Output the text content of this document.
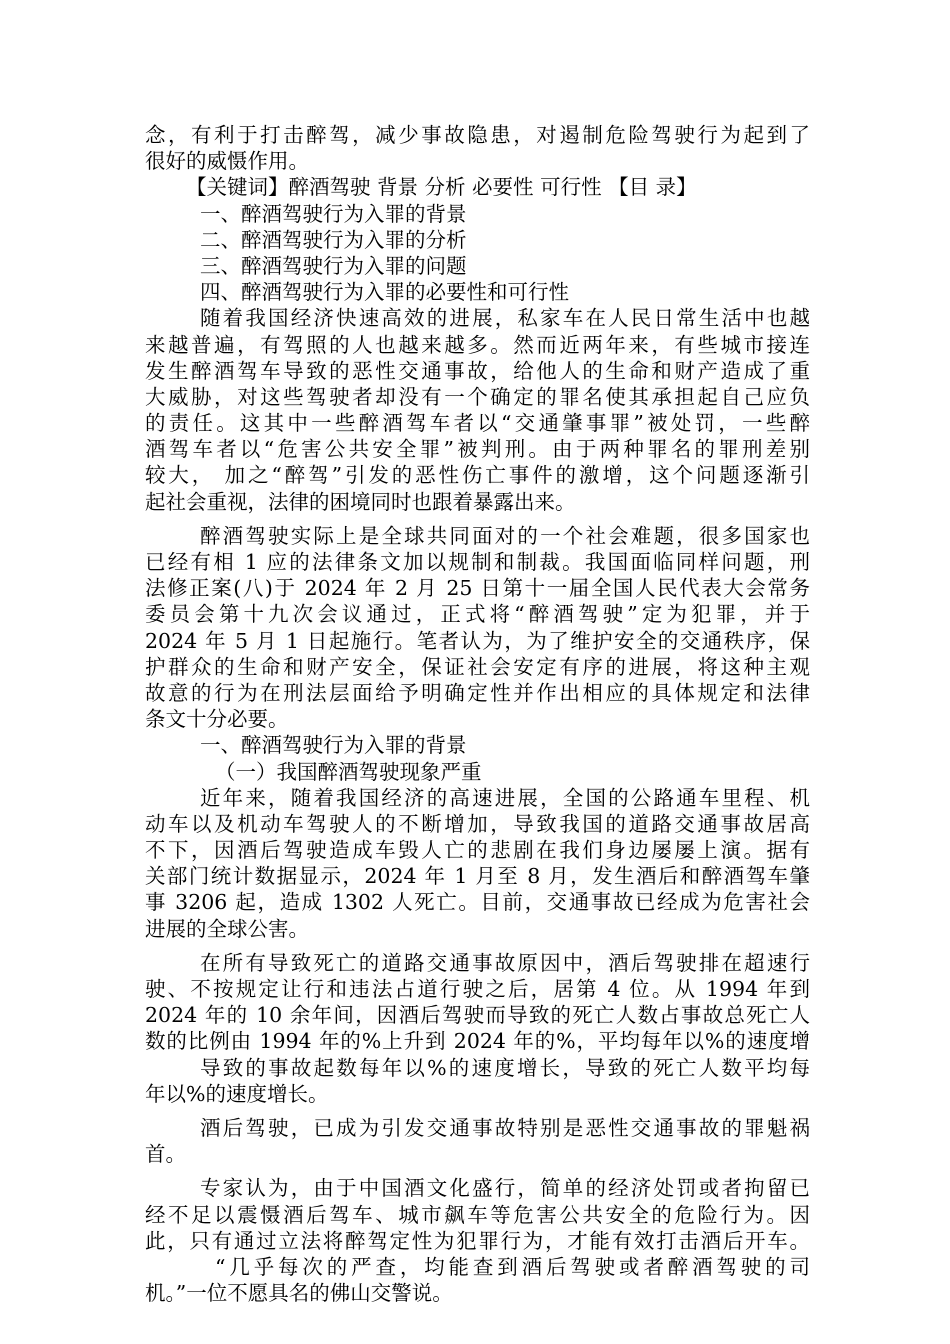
念，有利于打击醉驾，减少事故隐患，对遏制危险驾驶行为起到了
很好的威慑作用。
【关键词】醉酒驾驶 背景 分析 必要性 可行性 【目 录】
一、醉酒驾驶行为入罪的背景
二、醉酒驾驶行为入罪的分析
三、醉酒驾驶行为入罪的问题
四、醉酒驾驶行为入罪的必要性和可行性
随着我国经济快速高效的进展，私家车在人民日常生活中也越
来越普遍，有驾照的人也越来越多。然而近两年来，有些城市接连
发生醉酒驾车导致的恶性交通事故，给他人的生命和财产造成了重
大威胁，对这些驾驶者却没有一个确定的罪名使其承担起自己应负
的责任。这其中一些醉酒驾车者以“交通肇事罪”被处罚，一些醉
酒驾车者以“危害公共安全罪”被判刑。由于两种罪名的罪刑差别
较大， 加之“醉驾”引发的恶性伤亡事件的激增，这个问题逐渐引
起社会重视，法律的困境同时也跟着暴露出来。
醉酒驾驶实际上是全球共同面对的一个社会难题，很多国家也
已经有相 1 应的法律条文加以规制和制裁。我国面临同样问题，刑
法修正案(八)于 2024 年 2 月 25 日第十一届全国人民代表大会常务
委员会第十九次会议通过，正式将“醉酒驾驶”定为犯罪，并于
2024 年 5 月 1 日起施行。笔者认为，为了维护安全的交通秩序，保
护群众的生命和财产安全，保证社会安定有序的进展，将这种主观
故意的行为在刑法层面给予明确定性并作出相应的具体规定和法律
条文十分必要。
一、醉酒驾驶行为入罪的背景
（一）我国醉酒驾驶现象严重
近年来，随着我国经济的高速进展，全国的公路通车里程、机
动车以及机动车驾驶人的不断增加，导致我国的道路交通事故居高
不下，因酒后驾驶造成车毁人亡的悲剧在我们身边屡屡上演。据有
关部门统计数据显示，2024 年 1 月至 8 月，发生酒后和醉酒驾车肇
事 3206 起，造成 1302 人死亡。目前，交通事故已经成为危害社会
进展的全球公害。
在所有导致死亡的道路交通事故原因中，酒后驾驶排在超速行
驶、不按规定让行和违法占道行驶之后，居第 4 位。从 1994 年到
2024 年的 10 余年间，因酒后驾驶而导致的死亡人数占事故总死亡人
数的比例由 1994 年的%上升到 2024 年的%，平均每年以%的速度增
导致的事故起数每年以%的速度增长，导致的死亡人数平均每
年以%的速度增长。
酒后驾驶，已成为引发交通事故特别是恶性交通事故的罪魁祸
首。
专家认为，由于中国酒文化盛行，简单的经济处罚或者拘留已
经不足以震慑酒后驾车、城市飙车等危害公共安全的危险行为。因
此，只有通过立法将醉驾定性为犯罪行为，才能有效打击酒后开车。
“几乎每次的严查，均能查到酒后驾驶或者醉酒驾驶的司
机。”一位不愿具名的佛山交警说。
